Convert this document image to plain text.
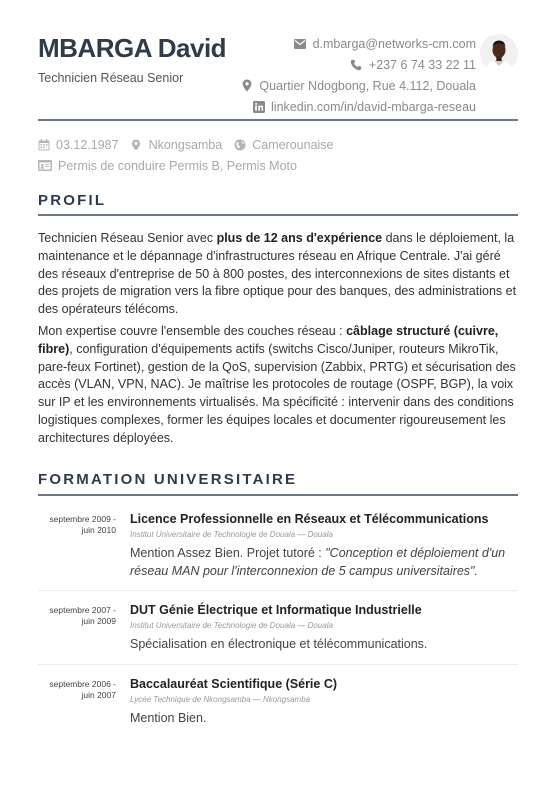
MBARGA David
Technicien Réseau Senior
d.mbarga@networks-cm.com
+237 6 74 33 22 11
Quartier Ndogbong, Rue 4.112, Douala
linkedin.com/in/david-mbarga-reseau
03.12.1987 Nkongsamba Camerounaise
Permis de conduire Permis B, Permis Moto
PROFIL

Technicien Réseau Senior avec plus de 12 ans d'expérience dans le déploiement, la maintenance et le dépannage d'infrastructures réseau en Afrique Centrale. J'ai géré des réseaux d'entreprise de 50 à 800 postes, des interconnexions de sites distants et des projets de migration vers la fibre optique pour des banques, des administrations et des opérateurs télécoms.

Mon expertise couvre l'ensemble des couches réseau : câblage structuré (cuivre, fibre), configuration d'équipements actifs (switchs Cisco/Juniper, routeurs MikroTik, pare-feux Fortinet), gestion de la QoS, supervision (Zabbix, PRTG) et sécurisation des accès (VLAN, VPN, NAC). Je maîtrise les protocoles de routage (OSPF, BGP), la voix sur IP et les environnements virtualisés. Ma spécificité : intervenir dans des conditions logistiques complexes, former les équipes locales et documenter rigoureusement les architectures déployées.

FORMATION UNIVERSITAIRE
septembre 2009 -
juin 2010
Licence Professionnelle en Réseaux et Télécommunications
Institut Universitaire de Technologie de Douala — Douala
Mention Assez Bien. Projet tutoré : "Conception et déploiement d'un réseau MAN pour l'interconnexion de 5 campus universitaires".
septembre 2007 -
juin 2009
DUT Génie Électrique et Informatique Industrielle
Institut Universitaire de Technologie de Douala — Douala
Spécialisation en électronique et télécommunications.
septembre 2006 -
juin 2007
Baccalauréat Scientifique (Série C)
Lycée Technique de Nkongsamba — Nkongsamba
Mention Bien.
